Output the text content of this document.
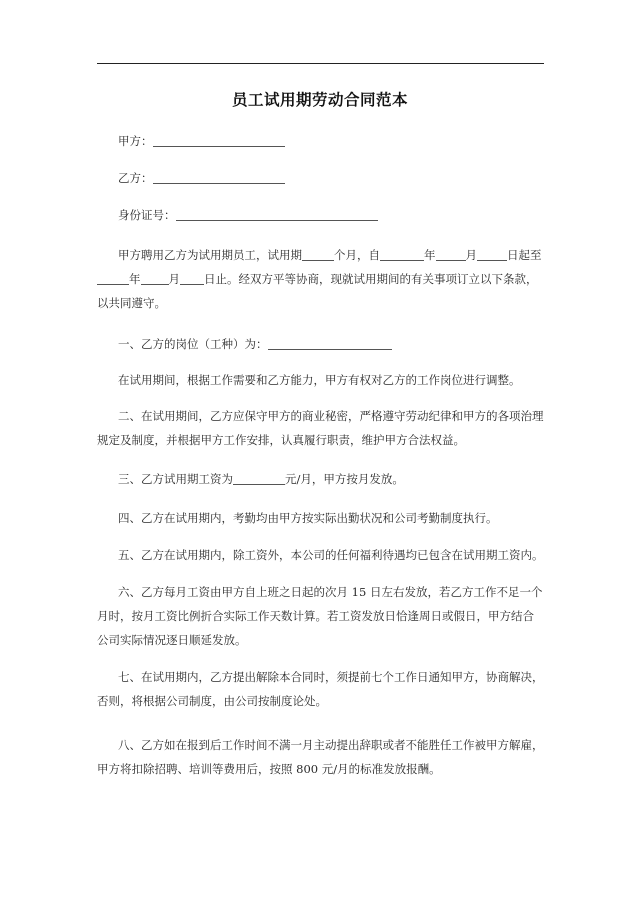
员工试用期劳动合同范本
甲方：
乙方：
身份证号：
甲方聘用乙方为试用期员工，试用期	个月，自	年	月	日起至年 月 日止。经双方平等协商，现就试用期间的有关事项订立以下条款，以共同遵守。
一、乙方的岗位（工种）为：
在试用期间，根据工作需要和乙方能力，甲方有权对乙方的工作岗位进行调整。
二、在试用期间，乙方应保守甲方的商业秘密，严格遵守劳动纪律和甲方的各项治理规定及制度，并根据甲方工作安排，认真履行职责，维护甲方合法权益。
三、乙方试用期工资为	元/月，甲方按月发放。
四、乙方在试用期内，考勤均由甲方按实际出勤状况和公司考勤制度执行。
五、乙方在试用期内，除工资外，本公司的任何福利待遇均已包含在试用期工资内。
六、乙方每月工资由甲方自上班之日起的次月 15 日左右发放，若乙方工作不足一个月时，按月工资比例折合实际工作天数计算。若工资发放日恰逢周日或假日，甲方结合公司实际情况逐日顺延发放。
七、在试用期内，乙方提出解除本合同时，须提前七个工作日通知甲方，协商解决，否则，将根据公司制度，由公司按制度论处。
八、乙方如在报到后工作时间不满一月主动提出辞职或者不能胜任工作被甲方解雇，甲方将扣除招聘、培训等费用后，按照 800 元/月的标准发放报酬。
